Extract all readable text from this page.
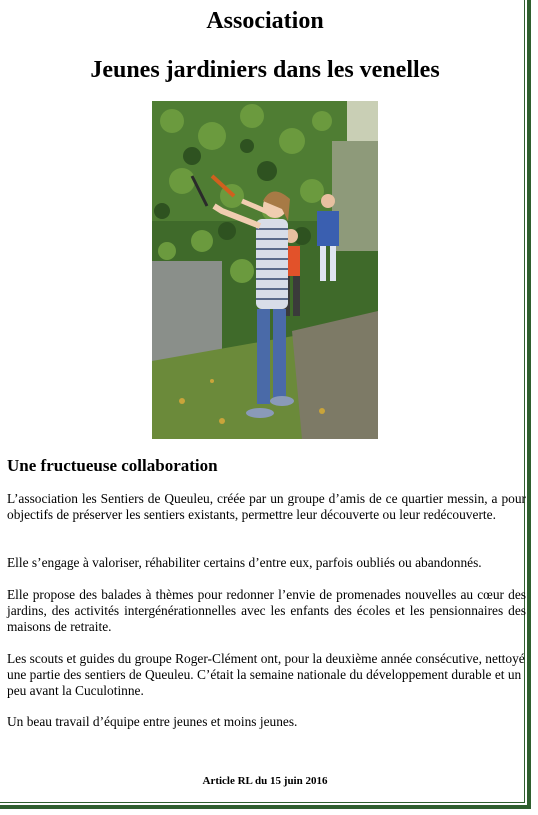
Association
Jeunes jardiniers dans les venelles
Une fructueuse collaboration

L’association les Sentiers de Queuleu, créée par un groupe d’amis de ce quartier messin, a pour objectifs de préserver les sentiers existants, permettre leur découverte ou leur redécouverte.

Elle s’engage à valoriser, réhabiliter certains d’entre eux, parfois oubliés ou abandonnés.

Elle propose des balades à thèmes pour redonner l’envie de promenades nouvelles au cœur des jardins, des activités intergénérationnelles avec les enfants des écoles et les pensionnaires des maisons de retraite.

Les scouts et guides du groupe Roger-Clément ont, pour la deuxième année consécutive, nettoyé une partie des sentiers de Queuleu. C’était la semaine nationale du développement durable et un peu avant la Cuculotinne.

Un beau travail d’équipe entre jeunes et moins jeunes.

Article RL du 15 juin 2016
